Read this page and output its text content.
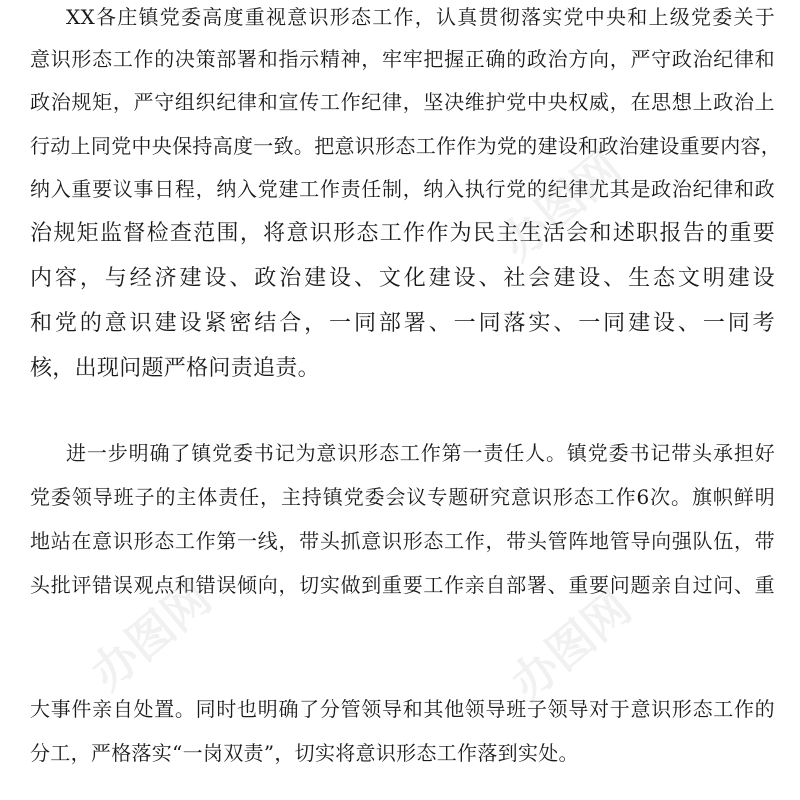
XX各庄镇党委高度重视意识形态工作，认真贯彻落实党中央和上级党委关于
意识形态工作的决策部署和指示精神，牢牢把握正确的政治方向，严守政治纪律和
政治规矩，严守组织纪律和宣传工作纪律，坚决维护党中央权威，在思想上政治上
行动上同党中央保持高度一致。把意识形态工作作为党的建设和政治建设重要内容，
纳入重要议事日程，纳入党建工作责任制，纳入执行党的纪律尤其是政治纪律和政
治规矩监督检查范围，将意识形态工作作为民主生活会和述职报告的重要
内容，与经济建设、政治建设、文化建设、社会建设、生态文明建设
和党的意识建设紧密结合，一同部署、一同落实、一同建设、一同考
核，出现问题严格问责追责。
进一步明确了镇党委书记为意识形态工作第一责任人。镇党委书记带头承担好
党委领导班子的主体责任，主持镇党委会议专题研究意识形态工作6次。旗帜鲜明
地站在意识形态工作第一线，带头抓意识形态工作，带头管阵地管导向强队伍，带
头批评错误观点和错误倾向，切实做到重要工作亲自部署、重要问题亲自过问、重
大事件亲自处置。同时也明确了分管领导和其他领导班子领导对于意识形态工作的
分工，严格落实“一岗双责”，切实将意识形态工作落到实处。
办图网
办图网	办图网
